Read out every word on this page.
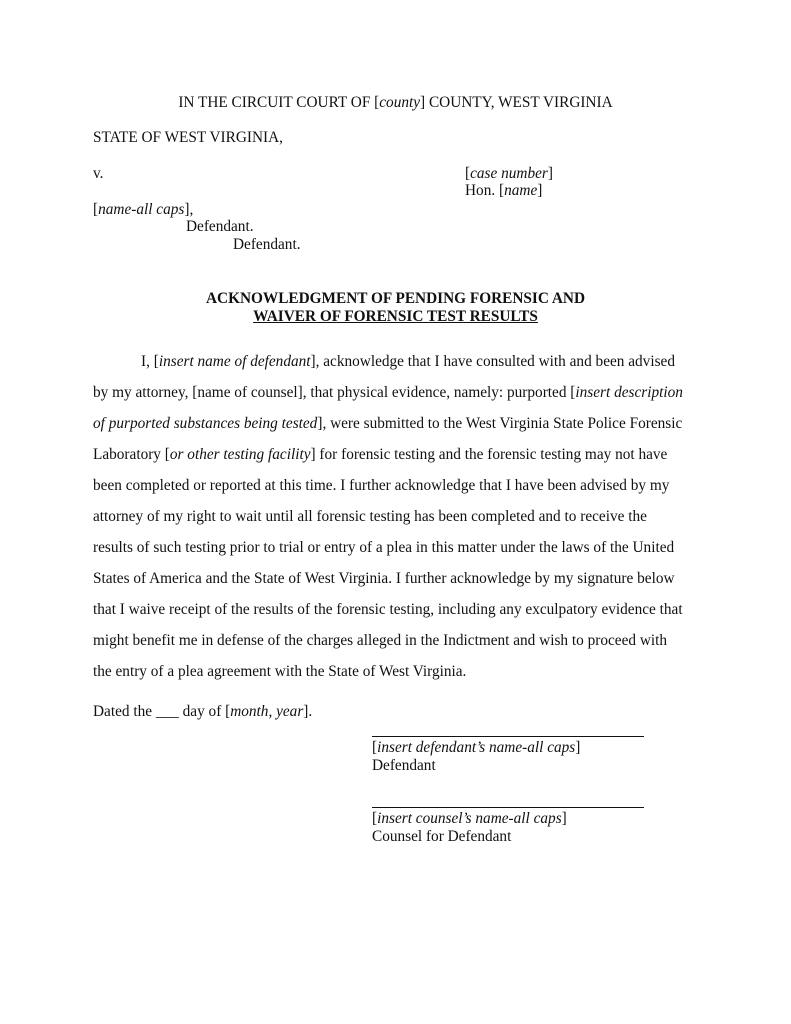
IN THE CIRCUIT COURT OF [county] COUNTY, WEST VIRGINIA
STATE OF WEST VIRGINIA,
v.	[case number]
Hon. [name]
[name-all caps],
Defendant.
Defendant.
ACKNOWLEDGMENT OF PENDING FORENSIC AND
WAIVER OF FORENSIC TEST RESULTS
I, [insert name of defendant], acknowledge that I have consulted with and been advised
by my attorney, [name of counsel], that physical evidence, namely: purported [insert description
of purported substances being tested], were submitted to the West Virginia State Police Forensic
Laboratory [or other testing facility] for forensic testing and the forensic testing may not have
been completed or reported at this time. I further acknowledge that I have been advised by my
attorney of my right to wait until all forensic testing has been completed and to receive the
results of such testing prior to trial or entry of a plea in this matter under the laws of the United
States of America and the State of West Virginia. I further acknowledge by my signature below
that I waive receipt of the results of the forensic testing, including any exculpatory evidence that
might benefit me in defense of the charges alleged in the Indictment and wish to proceed with
the entry of a plea agreement with the State of West Virginia.
Dated the ___ day of [month, year].
[insert defendant’s name-all caps]
Defendant
[insert counsel’s name-all caps]
Counsel for Defendant
